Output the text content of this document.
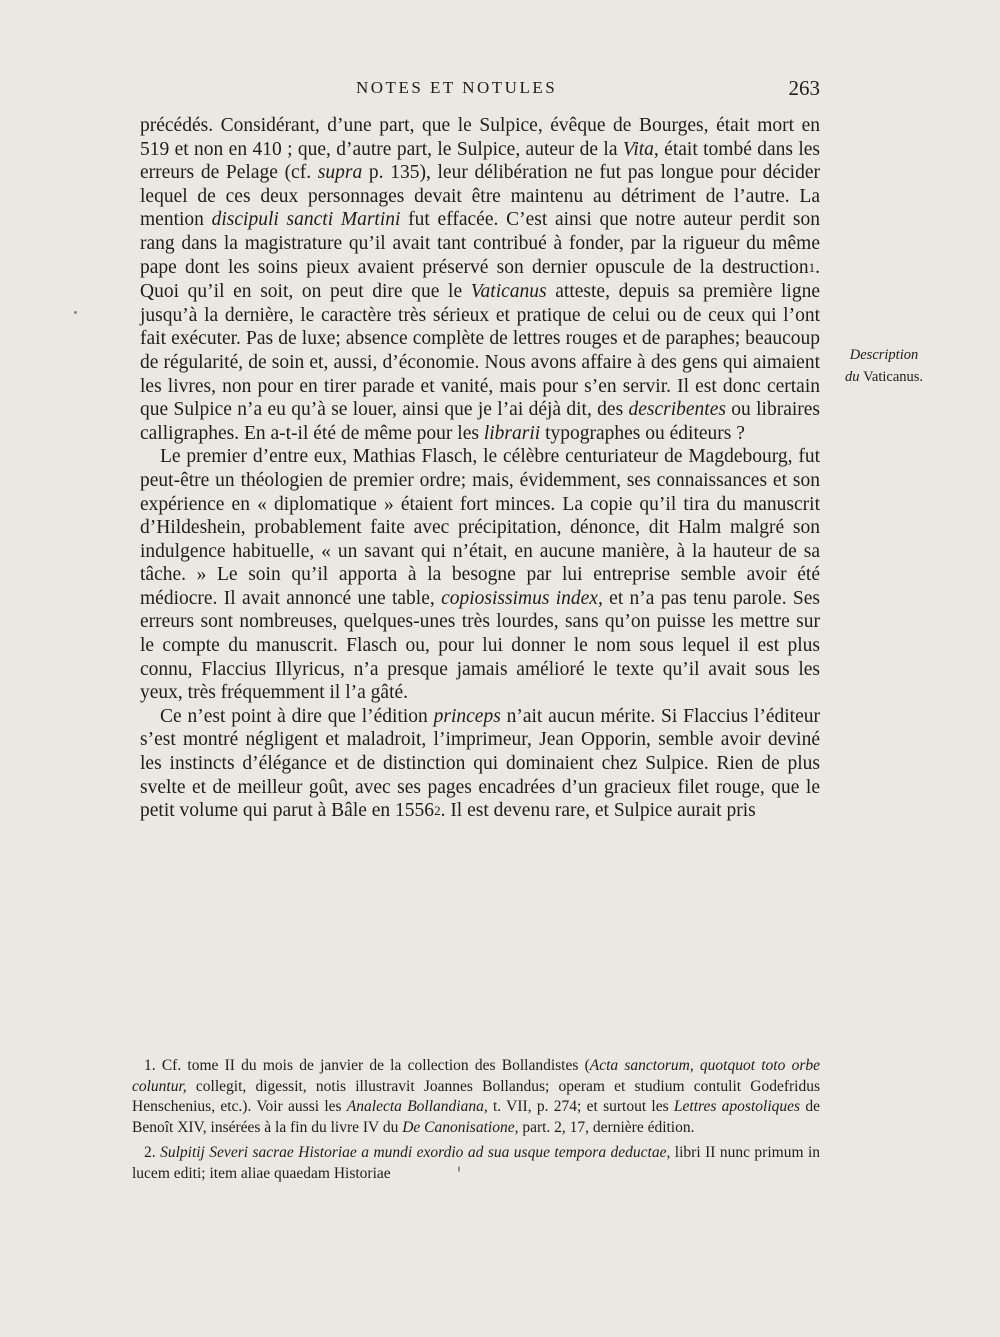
NOTES ET NOTULES	263
Description
du Vaticanus.

précédés. Considérant, d’une part, que le Sulpice, évêque de Bourges, était mort en 519 et non en 410 ; que, d’autre part, le Sulpice, auteur de la Vita, était tombé dans les erreurs de Pelage (cf. supra p. 135), leur délibération ne fut pas longue pour décider lequel de ces deux personnages devait être maintenu au détriment de l’autre. La mention discipuli sancti Martini fut effacée. C’est ainsi que notre auteur perdit son rang dans la magistrature qu’il avait tant contribué à fonder, par la rigueur du même pape dont les soins pieux avaient préservé son dernier opuscule de la destruction1. Quoi qu’il en soit, on peut dire que le Vaticanus atteste, depuis sa première ligne jusqu’à la dernière, le caractère très sérieux et pratique de celui ou de ceux qui l’ont fait exécuter. Pas de luxe; absence complète de lettres rouges et de paraphes; beaucoup de régularité, de soin et, aussi, d’économie. Nous avons affaire à des gens qui aimaient les livres, non pour en tirer parade et vanité, mais pour s’en servir. Il est donc certain que Sulpice n’a eu qu’à se louer, ainsi que je l’ai déjà dit, des describentes ou libraires calligraphes. En a-t-il été de même pour les librarii typographes ou éditeurs ?

Le premier d’entre eux, Mathias Flasch, le célèbre centuriateur de Magdebourg, fut peut-être un théologien de premier ordre; mais, évidemment, ses connaissances et son expérience en « diplomatique » étaient fort minces. La copie qu’il tira du manuscrit d’Hildeshein, probablement faite avec précipitation, dénonce, dit Halm malgré son indulgence habituelle, « un savant qui n’était, en aucune manière, à la hauteur de sa tâche. » Le soin qu’il apporta à la besogne par lui entreprise semble avoir été médiocre. Il avait annoncé une table, copiosissimus index, et n’a pas tenu parole. Ses erreurs sont nombreuses, quelques-unes très lourdes, sans qu’on puisse les mettre sur le compte du manuscrit. Flasch ou, pour lui donner le nom sous lequel il est plus connu, Flaccius Illyricus, n’a presque jamais amélioré le texte qu’il avait sous les yeux, très fréquemment il l’a gâté.

Ce n’est point à dire que l’édition princeps n’ait aucun mérite. Si Flaccius l’éditeur s’est montré négligent et maladroit, l’imprimeur, Jean Opporin, semble avoir deviné les instincts d’élégance et de distinction qui dominaient chez Sulpice. Rien de plus svelte et de meilleur goût, avec ses pages encadrées d’un gracieux filet rouge, que le petit volume qui parut à Bâle en 15562. Il est devenu rare, et Sulpice aurait pris

1. Cf. tome II du mois de janvier de la collection des Bollandistes (Acta sanctorum, quotquot toto orbe coluntur, collegit, digessit, notis illustravit Joannes Bollandus; operam et studium contulit Godefridus Henschenius, etc.). Voir aussi les Analecta Bollandiana, t. VII, p. 274; et surtout les Lettres apostoliques de Benoît XIV, insérées à la fin du livre IV du De Canonisatione, part. 2, 17, dernière édition.

2. Sulpitij Severi sacrae Historiae a mundi exordio ad sua usque tempora deductae, libri II nunc primum in lucem editi; item aliae quaedam Historiae
